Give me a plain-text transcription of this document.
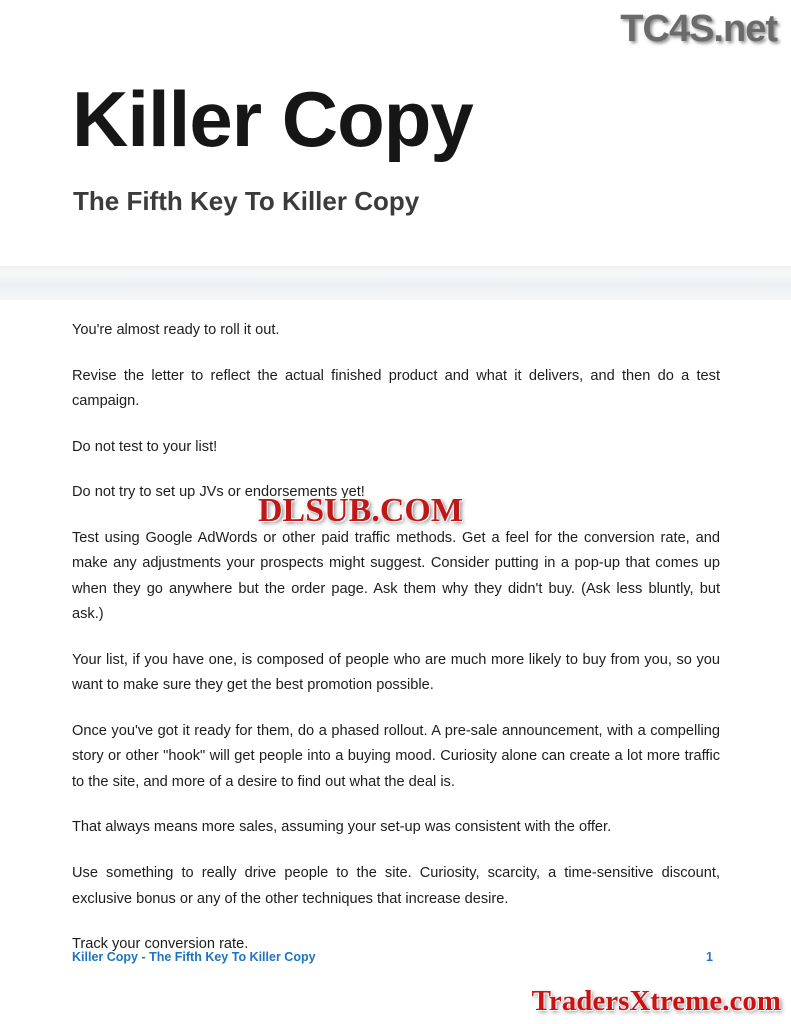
TC4S.net
Killer Copy
The Fifth Key To Killer Copy

You're almost ready to roll it out.

Revise the letter to reflect the actual finished product and what it delivers, and then do a test campaign.

Do not test to your list!

Do not try to set up JVs or endorsements yet!

Test using Google AdWords or other paid traffic methods. Get a feel for the conversion rate, and make any adjustments your prospects might suggest. Consider putting in a pop-up that comes up when they go anywhere but the order page. Ask them why they didn't buy. (Ask less bluntly, but ask.)

Your list, if you have one, is composed of people who are much more likely to buy from you, so you want to make sure they get the best promotion possible.

Once you've got it ready for them, do a phased rollout. A pre-sale announcement, with a compelling story or other "hook" will get people into a buying mood. Curiosity alone can create a lot more traffic to the site, and more of a desire to find out what the deal is.

That always means more sales, assuming your set-up was consistent with the offer.

Use something to really drive people to the site. Curiosity, scarcity, a time-sensitive discount, exclusive bonus or any of the other techniques that increase desire.

Track your conversion rate.

Killer Copy - The Fifth Key To Killer Copy	1
DLSUB.COM
TradersXtreme.com
